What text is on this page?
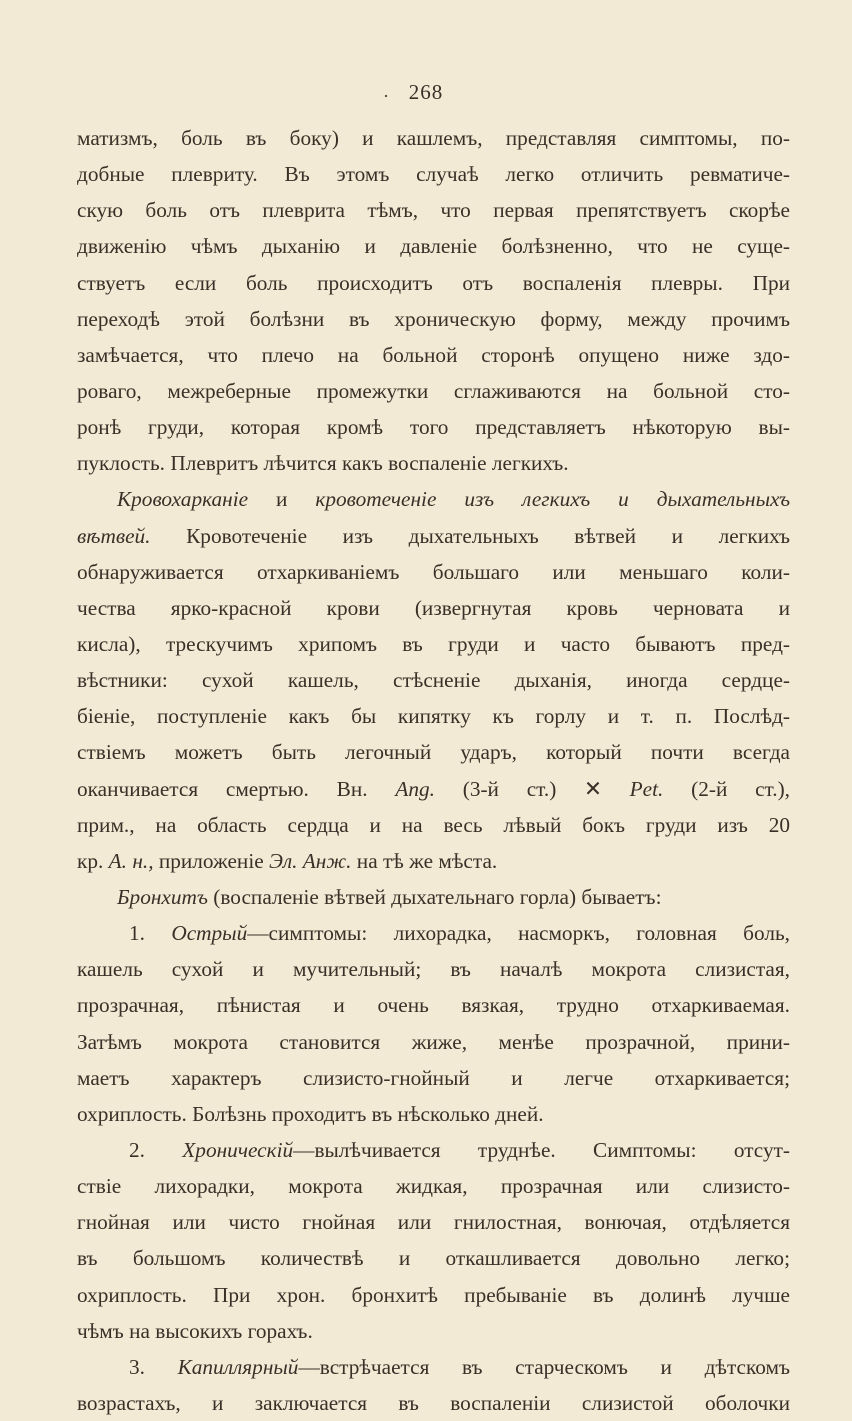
· 268
матизмъ, боль въ боку) и кашлемъ, представляя симптомы, по-
добные плевриту. Въ этомъ случаѣ легко отличить ревматиче-
скую боль отъ плеврита тѣмъ, что первая препятствуетъ скорѣе
движенію чѣмъ дыханію и давленіе болѣзненно, что не суще-
ствуетъ если боль происходитъ отъ воспаленія плевры. При
переходѣ этой болѣзни въ хроническую форму, между прочимъ
замѣчается, что плечо на больной сторонѣ опущено ниже здо-
роваго, межреберные промежутки сглаживаются на больной сто-
ронѣ груди, которая кромѣ того представляетъ нѣкоторую вы-
пуклость. Плевритъ лѣчится какъ воспаленіе легкихъ.
Кровохарканіе и кровотеченіе изъ легкихъ и дыхательныхъ
вѣтвей. Кровотеченіе изъ дыхательныхъ вѣтвей и легкихъ
обнаруживается отхаркиваніемъ большаго или меньшаго коли-
чества ярко-красной крови (извергнутая кровь черновата и
кисла), трескучимъ хрипомъ въ груди и часто бываютъ пред-
вѣстники: сухой кашель, стѣсненіе дыханія, иногда сердце-
біеніе, поступленіе какъ бы кипятку къ горлу и т. п. Послѣд-
ствіемъ можетъ быть легочный ударъ, который почти всегда
оканчивается смертью. Вн. Ang. (3-й ст.) ✕ Pet. (2-й ст.),
прим., на область сердца и на весь лѣвый бокъ груди изъ 20
кр. А. н., приложеніе Эл. Анж. на тѣ же мѣста.
Бронхитъ (воспаленіе вѣтвей дыхательнаго горла) бываетъ:
1. Острый—симптомы: лихорадка, насморкъ, головная боль,
кашель сухой и мучительный; въ началѣ мокрота слизистая,
прозрачная, пѣнистая и очень вязкая, трудно отхаркиваемая.
Затѣмъ мокрота становится жиже, менѣе прозрачной, прини-
маетъ характеръ слизисто-гнойный и легче отхаркивается;
охриплость. Болѣзнь проходитъ въ нѣсколько дней.
2. Хроническій—вылѣчивается труднѣе. Симптомы: отсут-
ствіе лихорадки, мокрота жидкая, прозрачная или слизисто-
гнойная или чисто гнойная или гнилостная, вонючая, отдѣляется
въ большомъ количествѣ и откашливается довольно легко;
охриплость. При хрон. бронхитѣ пребываніе въ долинѣ лучше
чѣмъ на высокихъ горахъ.
3. Капиллярный—встрѣчается въ старческомъ и дѣтскомъ
возрастахъ, и заключается въ воспаленіи слизистой оболочки
